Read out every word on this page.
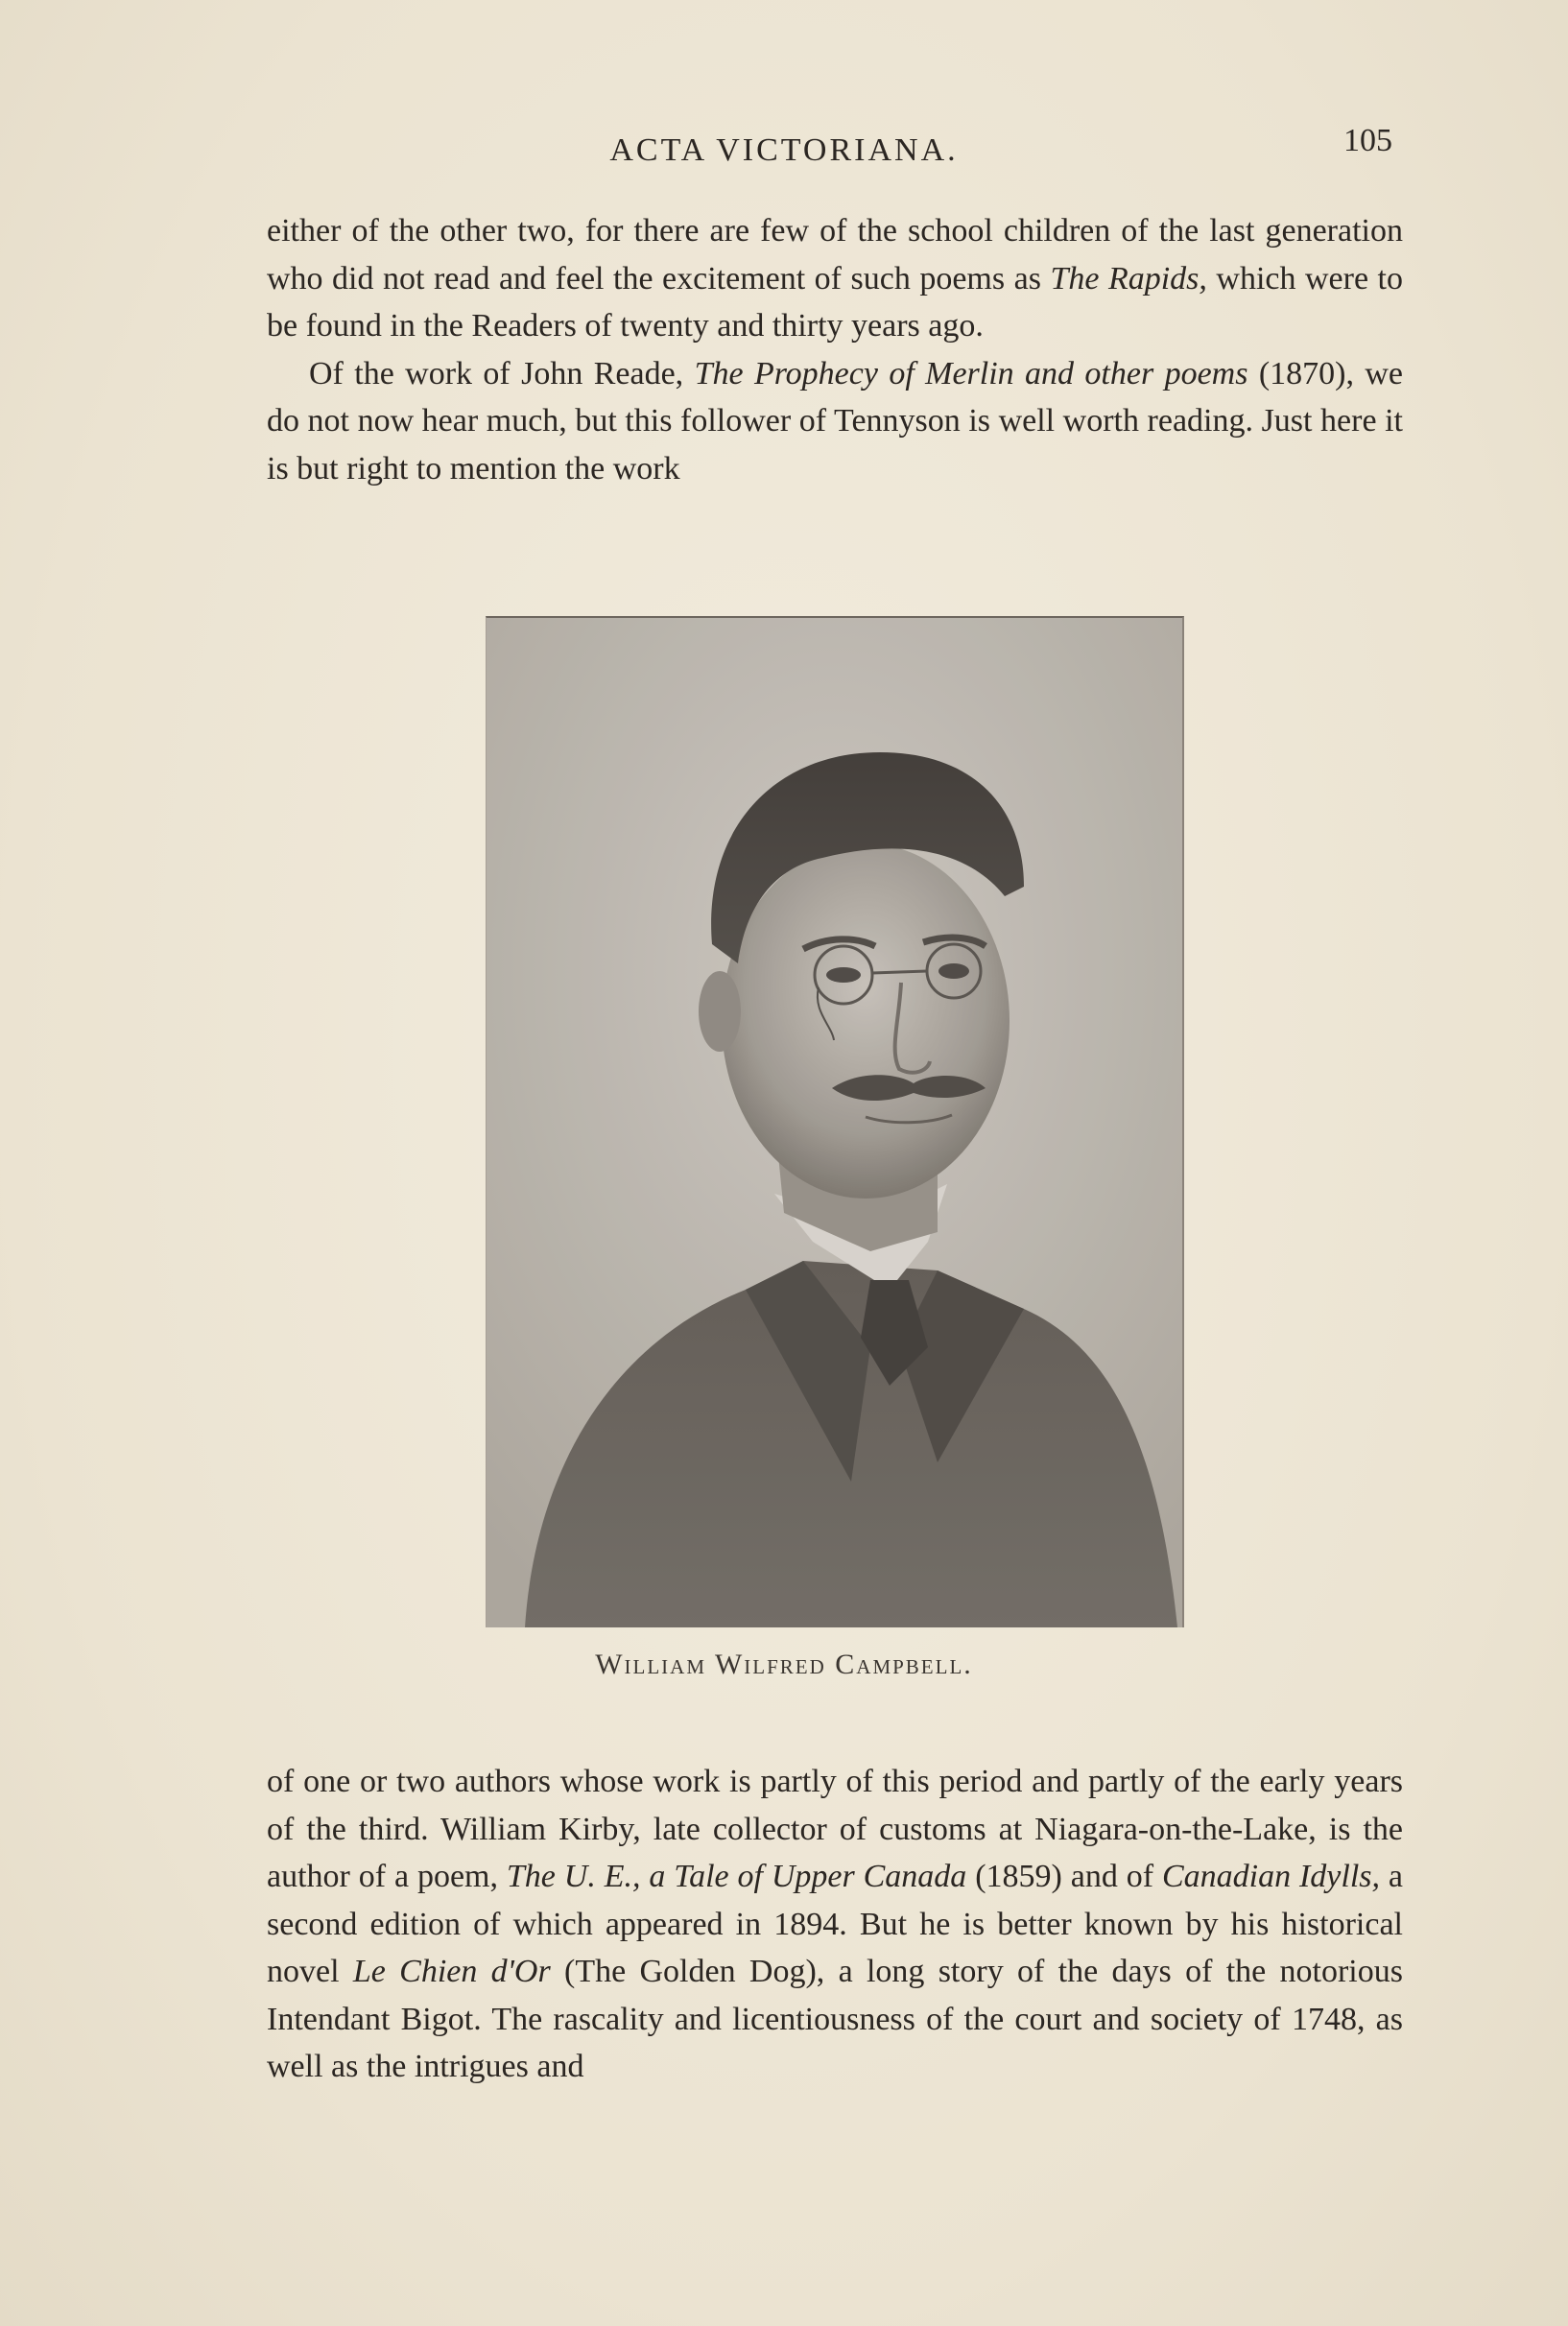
ACTA VICTORIANA.	105

either of the other two, for there are few of the school children of the last generation who did not read and feel the excitement of such poems as The Rapids, which were to be found in the Readers of twenty and thirty years ago.

Of the work of John Reade, The Prophecy of Merlin and other poems (1870), we do not now hear much, but this follower of Tennyson is well worth reading. Just here it is but right to mention the work

William Wilfred Campbell.

of one or two authors whose work is partly of this period and partly of the early years of the third. William Kirby, late collector of customs at Niagara-on-the-Lake, is the author of a poem, The U. E., a Tale of Upper Canada (1859) and of Canadian Idylls, a second edition of which appeared in 1894. But he is better known by his historical novel Le Chien d'Or (The Golden Dog), a long story of the days of the notorious Intendant Bigot. The rascality and licentiousness of the court and society of 1748, as well as the intrigues and
